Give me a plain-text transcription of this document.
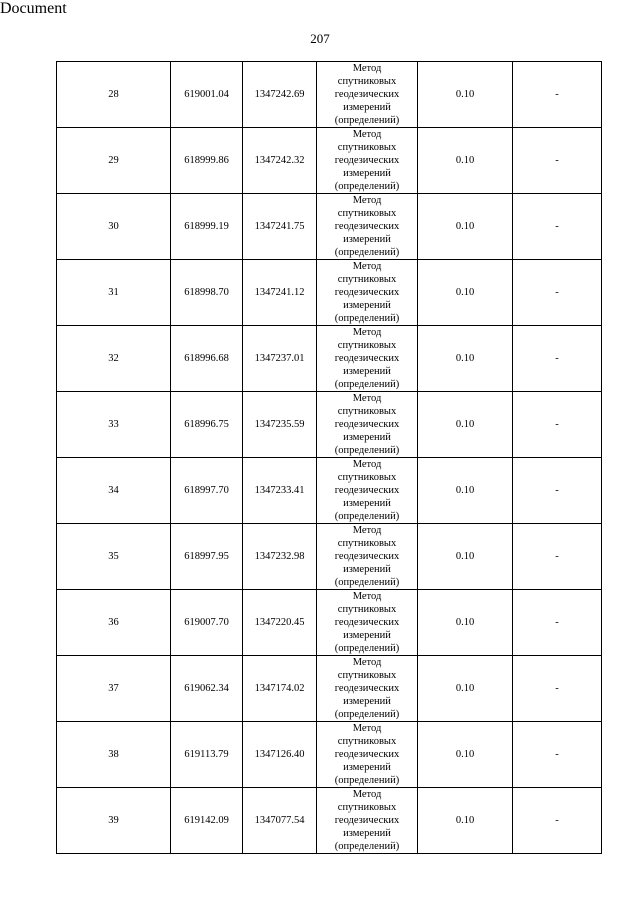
Document
207
28	619001.04	1347242.69	Метод
спутниковых
геодезических
измерений
(определений)	0.10	-
29	618999.86	1347242.32	Метод
спутниковых
геодезических
измерений
(определений)	0.10	-
30	618999.19	1347241.75	Метод
спутниковых
геодезических
измерений
(определений)	0.10	-
31	618998.70	1347241.12	Метод
спутниковых
геодезических
измерений
(определений)	0.10	-
32	618996.68	1347237.01	Метод
спутниковых
геодезических
измерений
(определений)	0.10	-
33	618996.75	1347235.59	Метод
спутниковых
геодезических
измерений
(определений)	0.10	-
34	618997.70	1347233.41	Метод
спутниковых
геодезических
измерений
(определений)	0.10	-
35	618997.95	1347232.98	Метод
спутниковых
геодезических
измерений
(определений)	0.10	-
36	619007.70	1347220.45	Метод
спутниковых
геодезических
измерений
(определений)	0.10	-
37	619062.34	1347174.02	Метод
спутниковых
геодезических
измерений
(определений)	0.10	-
38	619113.79	1347126.40	Метод
спутниковых
геодезических
измерений
(определений)	0.10	-
39	619142.09	1347077.54	Метод
спутниковых
геодезических
измерений
(определений)	0.10	-
